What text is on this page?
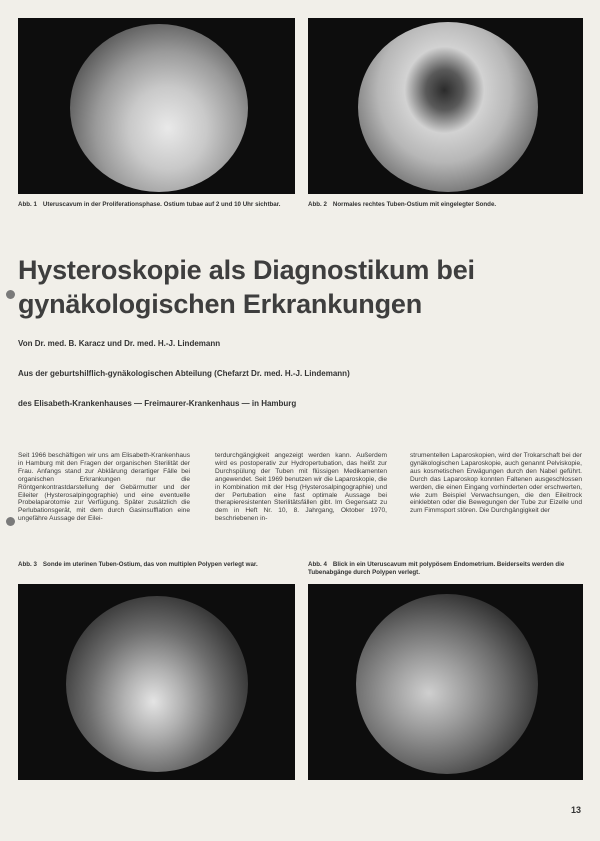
Abb. 1 Uteruscavum in der Proliferationsphase. Ostium tubae auf 2 und 10 Uhr sichtbar.	Abb. 2 Normales rechtes Tuben-Ostium mit eingelegter Sonde.
Hysteroskopie als Diagnostikum bei gynäkologischen Erkrankungen
Von Dr. med. B. Karacz und Dr. med. H.-J. Lindemann
Aus der geburtshilflich-gynäkologischen Abteilung (Chefarzt Dr. med. H.-J. Lindemann)
des Elisabeth-Krankenhauses — Freimaurer-Krankenhaus — in Hamburg
Seit 1966 beschäftigen wir uns am Elisabeth-Krankenhaus in Hamburg mit den Fragen der organischen Sterilität der Frau. Anfangs stand zur Abklärung derartiger Fälle bei organischen Erkrankungen nur die Röntgenkontrastdarstellung der Gebärmutter und der Eileiter (Hysterosalpingographie) und eine eventuelle Probelaparotomie zur Verfügung. Später zusätzlich die Perlubationsgerät, mit dem durch Gasinsufflation eine ungefähre Aussage der Eilei-
terdurchgängigkeit angezeigt werden kann. Außerdem wird es postoperativ zur Hydropertubation, das heißt zur Durchspülung der Tuben mit flüssigen Medikamenten angewendet. Seit 1969 benutzen wir die Laparoskopie, die in Kombination mit der Hsg (Hysterosalpingographie) und der Pertubation eine fast optimale Aussage bei therapieresistenten Sterilitätsfällen gibt. Im Gegensatz zu dem in Heft Nr. 10, 8. Jahrgang, Oktober 1970, beschriebenen in-
strumentellen Laparoskopien, wird der Trokarschaft bei der gynäkologischen Laparoskopie, auch genannt Pelviskopie, aus kosmetischen Erwägungen durch den Nabel geführt. Durch das Laparoskop konnten Faltenen ausgeschlossen werden, die einen Eingang vorhinderten oder erschwerten, wie zum Beispiel Verwachsungen, die den Eileitrock einklebten oder die Bewegungen der Tube zur Eizelle und zum Fimmsport stören. Die Durchgängigkeit der
Abb. 3 Sonde im uterinen Tuben-Ostium, das von multiplen Polypen verlegt war.	Abb. 4 Blick in ein Uteruscavum mit polypösem Endometrium. Beiderseits werden die Tubenabgänge durch Polypen verlegt.
13
